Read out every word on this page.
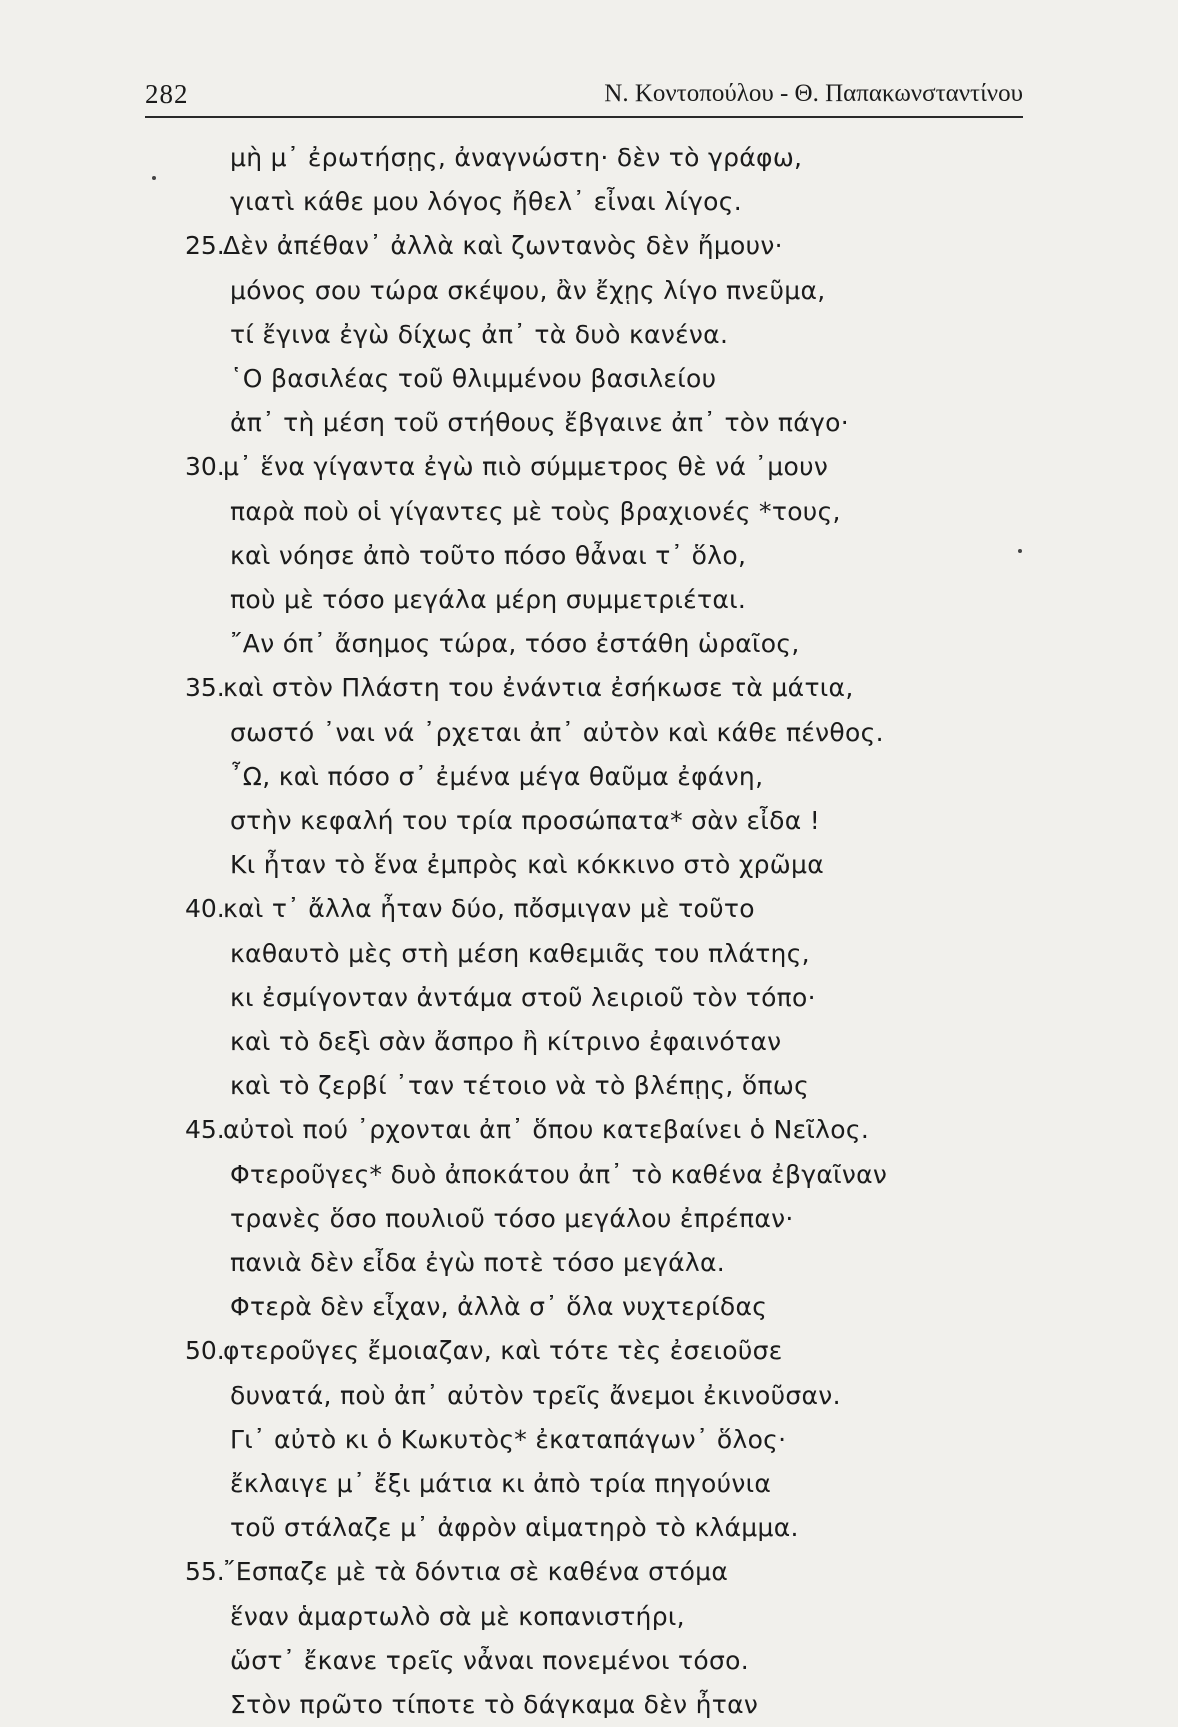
282	Ν. Κοντοπούλου - Θ. Παπακωνσταντίνου
μὴ μ᾿ ἐρωτήσῃς, ἀναγνώστη· δὲν τὸ γράφω,
γιατὶ κάθε μου λόγος ἤθελ᾿ εἶναι λίγος.
25.
Δὲν ἀπέθαν᾿ ἀλλὰ καὶ ζωντανὸς δὲν ἤμουν·
μόνος σου τώρα σκέψου, ἂν ἔχῃς λίγο πνεῦμα,
τί ἔγινα ἐγὼ δίχως ἀπ᾿ τὰ δυὸ κανένα.
῾Ο βασιλέας τοῦ θλιμμένου βασιλείου
ἀπ᾿ τὴ μέση τοῦ στήθους ἔβγαινε ἀπ᾿ τὸν πάγο·
30.
μ᾿ ἕνα γίγαντα ἐγὼ πιὸ σύμμετρος θὲ νά ᾿μουν
παρὰ ποὺ οἱ γίγαντες μὲ τοὺς βραχιονές *τους,
καὶ νόησε ἀπὸ τοῦτο πόσο θἆναι τ᾿ ὅλο,
ποὺ μὲ τόσο μεγάλα μέρη συμμετριέται.
῎Αν όπ᾿ ἄσημος τώρα, τόσο ἐστάθη ὡραῖος,
35.
καὶ στὸν Πλάστη του ἐνάντια ἐσήκωσε τὰ μάτια,
σωστό ᾿ναι νά ᾿ρχεται ἀπ᾿ αὐτὸν καὶ κάθε πένθος.
῏Ω, καὶ πόσο σ᾿ ἐμένα μέγα θαῦμα ἐφάνη,
στὴν κεφαλή του τρία προσώπατα* σὰν εἶδα !
Κι ἦταν τὸ ἕνα ἐμπρὸς καὶ κόκκινο στὸ χρῶμα
40.
καὶ τ᾿ ἄλλα ἦταν δύο, πὄσμιγαν μὲ τοῦτο
καθαυτὸ μὲς στὴ μέση καθεμιᾶς του πλάτης,
κι ἐσμίγονταν ἀντάμα στοῦ λειριοῦ τὸν τόπο·
καὶ τὸ δεξὶ σὰν ἄσπρο ἢ κίτρινο ἐφαινόταν
καὶ τὸ ζερβί ᾿ταν τέτοιο νὰ τὸ βλέπῃς, ὅπως
45.
αὐτοὶ πού ᾿ρχονται ἀπ᾿ ὅπου κατεβαίνει ὁ Νεῖλος.
Φτεροῦγες* δυὸ ἀποκάτου ἀπ᾿ τὸ καθένα ἐβγαῖναν
τρανὲς ὅσο πουλιοῦ τόσο μεγάλου ἐπρέπαν·
πανιὰ δὲν εἶδα ἐγὼ ποτὲ τόσο μεγάλα.
Φτερὰ δὲν εἶχαν, ἀλλὰ σ᾿ ὅλα νυχτερίδας
50.
φτεροῦγες ἔμοιαζαν, καὶ τότε τὲς ἐσειοῦσε
δυνατά, ποὺ ἀπ᾿ αὐτὸν τρεῖς ἄνεμοι ἐκινοῦσαν.
Γι᾿ αὐτὸ κι ὁ Κωκυτὸς* ἐκαταπάγων᾿ ὅλος·
ἔκλαιγε μ᾿ ἔξι μάτια κι ἀπὸ τρία πηγούνια
τοῦ στάλαζε μ᾿ ἀφρὸν αἱματηρὸ τὸ κλάμμα.
55.
῎Εσπαζε μὲ τὰ δόντια σὲ καθένα στόμα
ἕναν ἁμαρτωλὸ σὰ μὲ κοπανιστήρι,
ὥστ᾿ ἔκανε τρεῖς νἆναι πονεμένοι τόσο.
Στὸν πρῶτο τίποτε τὸ δάγκαμα δὲν ἦταν
